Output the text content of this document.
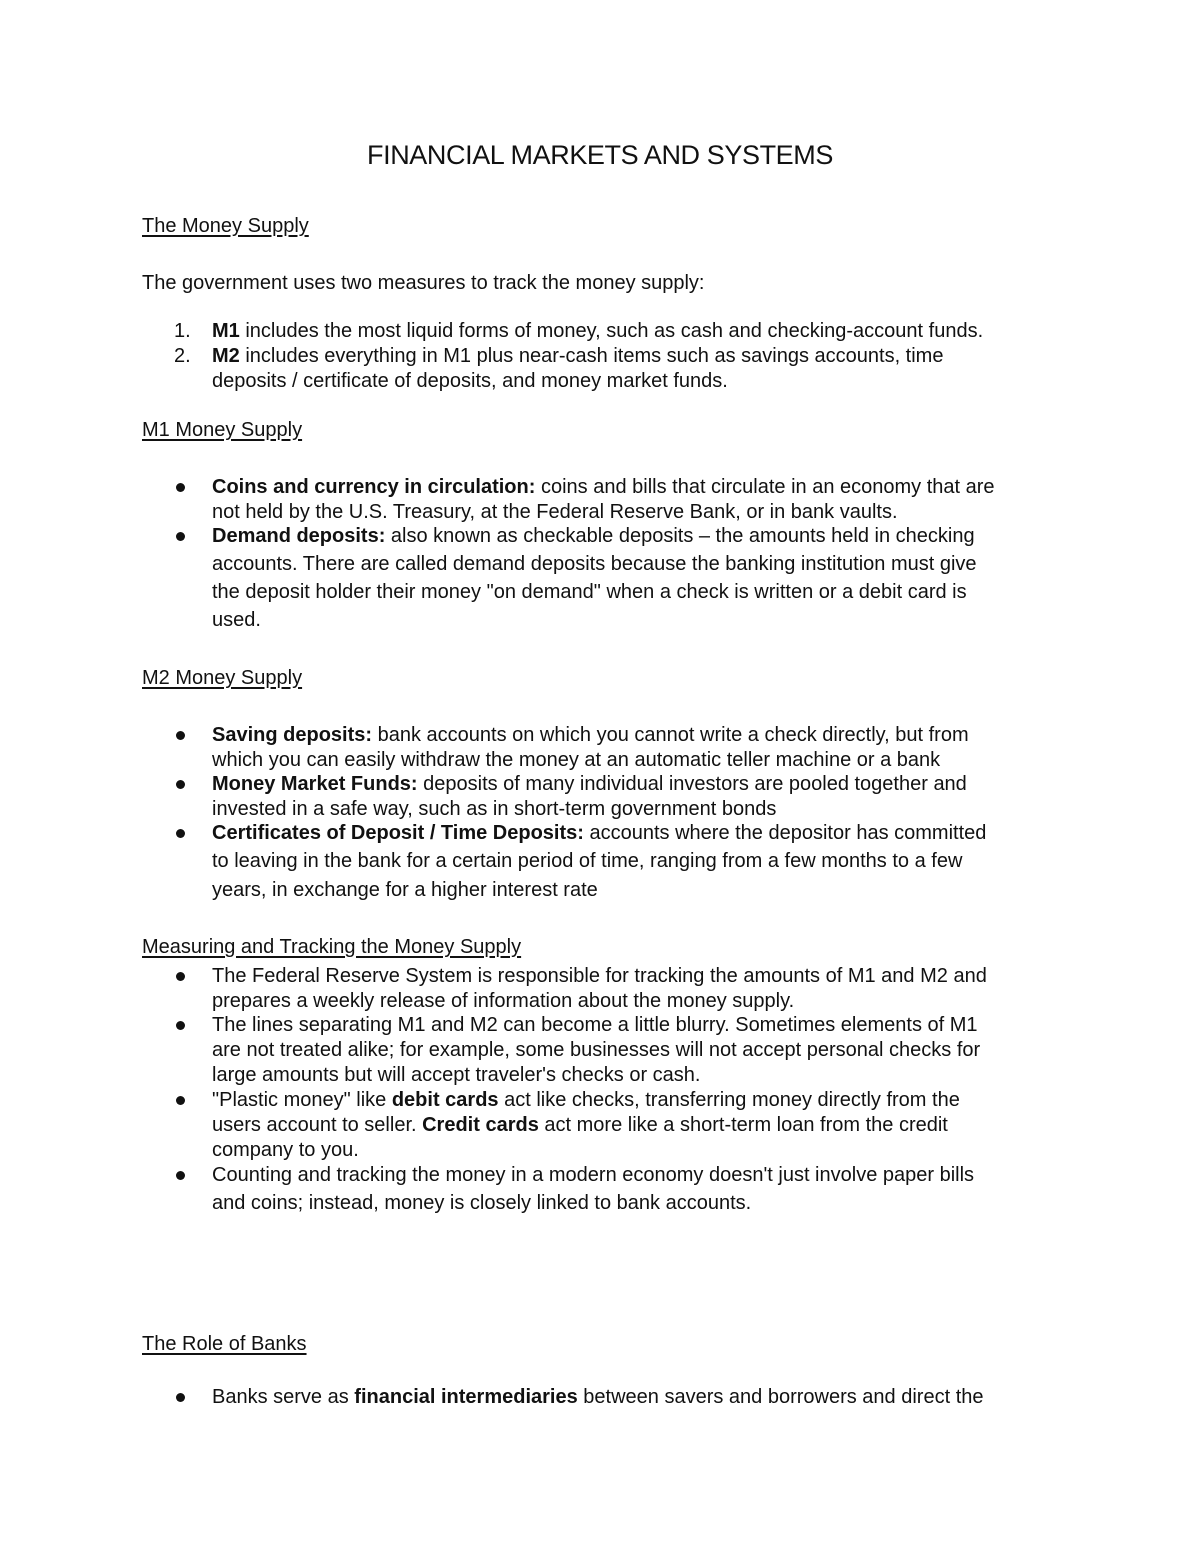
FINANCIAL MARKETS AND SYSTEMS
The Money Supply
The government uses two measures to track the money supply:
1. M1 includes the most liquid forms of money, such as cash and checking-account funds.
2. M2 includes everything in M1 plus near-cash items such as savings accounts, time
deposits / certificate of deposits, and money market funds.
M1 Money Supply
Coins and currency in circulation: coins and bills that circulate in an economy that are
not held by the U.S. Treasury, at the Federal Reserve Bank, or in bank vaults.
Demand deposits: also known as checkable deposits – the amounts held in checking
accounts. There are called demand deposits because the banking institution must give
the deposit holder their money "on demand" when a check is written or a debit card is
used.
M2 Money Supply
Saving deposits: bank accounts on which you cannot write a check directly, but from
which you can easily withdraw the money at an automatic teller machine or a bank
Money Market Funds: deposits of many individual investors are pooled together and
invested in a safe way, such as in short-term government bonds
Certificates of Deposit / Time Deposits: accounts where the depositor has committed
to leaving in the bank for a certain period of time, ranging from a few months to a few
years, in exchange for a higher interest rate
Measuring and Tracking the Money Supply
The Federal Reserve System is responsible for tracking the amounts of M1 and M2 and
prepares a weekly release of information about the money supply.
The lines separating M1 and M2 can become a little blurry. Sometimes elements of M1
are not treated alike; for example, some businesses will not accept personal checks for
large amounts but will accept traveler's checks or cash.
"Plastic money" like debit cards act like checks, transferring money directly from the
users account to seller. Credit cards act more like a short-term loan from the credit
company to you.
Counting and tracking the money in a modern economy doesn't just involve paper bills
and coins; instead, money is closely linked to bank accounts.
The Role of Banks
Banks serve as financial intermediaries between savers and borrowers and direct the
